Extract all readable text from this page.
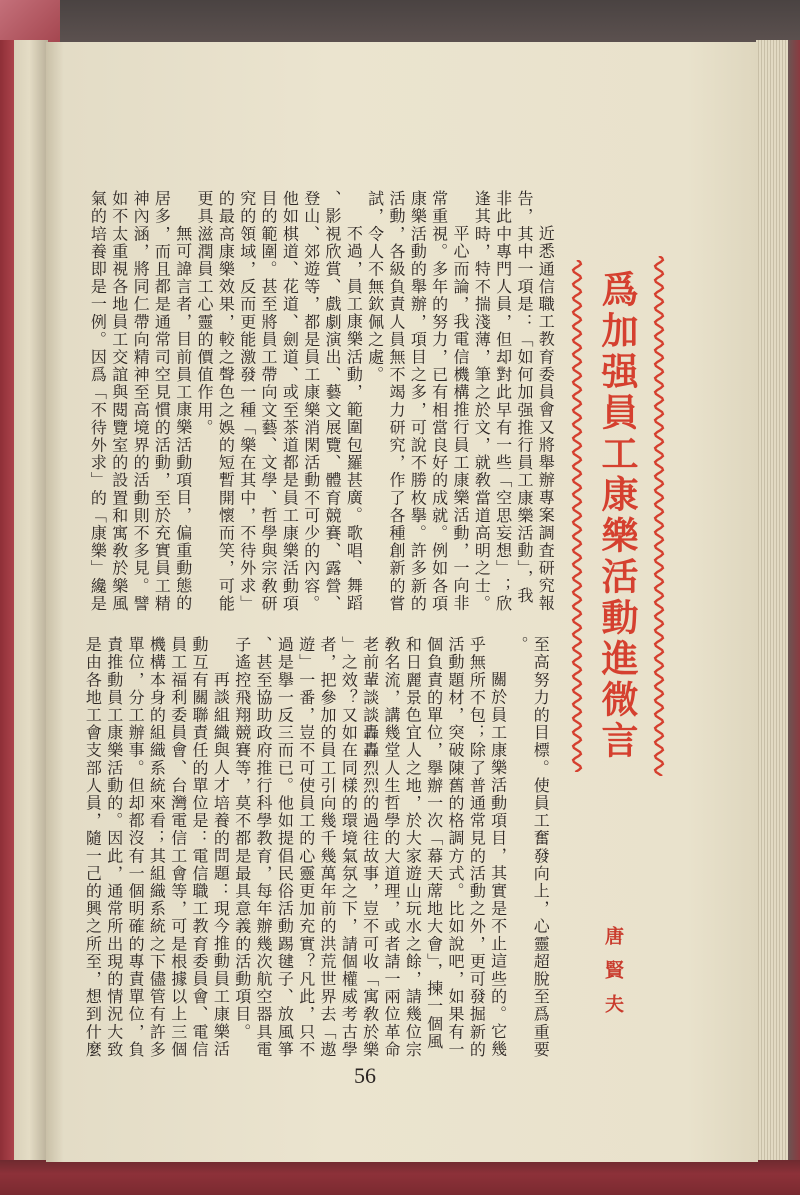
爲加强員工康樂活動進微言
唐賢夫
近悉通信職工教育委員會又將舉辦專案調査研究報
告，其中一項是：「如何加强推行員工康樂活動」，我
非此中專門人員，但却對此早有一些「空思妄想」；欣
逢其時，特不揣淺薄，筆之於文，就敎當道高明之士。
平心而論，我電信機構推行員工康樂活動，一向非
常重視。多年的努力，已有相當良好的成就。例如各項
康樂活動的舉辦，項目之多，可說不勝枚擧。許多新的
活動，各級負責人員無不竭力研究，作了各種創新的嘗
試，令人不無欽佩之處。
不過，員工康樂活動，範圍包羅甚廣。歌唱、舞蹈
、影視欣賞、戲劇演出、藝文展覽、體育競賽、露營、
登山、郊遊等，都是員工康樂消閑活動不可少的內容。
他如棋道、花道、劍道、或至茶道都是員工康樂活動項
目的範圍。甚至將員工帶向文藝、文學、哲學與宗敎研
究的領域，反而更能激發一種「樂在其中，不待外求」
的最高康樂效果，較之聲色之娛的短暫開懷而笑，可能
更具滋潤員工心靈的價值作用。
無可諱言者，目前員工康樂活動項目，偏重動態的
居多，而且都是通常司空見慣的活動，至於充實員工精
神內涵，將同仁帶向精神至高境界的活動則不多見。譬
如不太重視各地員工交誼與閱覽室的設置和寓敎於樂風
氣的培養即是一例。因爲「不待外求」的「康樂」纔是
至高努力的目標。使員工奮發向上，心靈超脫至爲重要
。
關於員工康樂活動項目，其實是不止這些的。它幾
乎無所不包；除了普通常見的活動之外，更可發掘新的
活動題材，突破陳舊的格調方式。比如說吧，如果有一
個負責的單位，擧辦一次「幕天蓆地大會」，揀一個風
和日麗景色宜人之地，於大家遊山玩水之餘，請幾位宗
敎名流，講幾堂人生哲學的大道理，或者請一兩位革命
老前輩談談轟轟烈烈的過往故事，豈不可收「寓敎於樂
」之效？又如在同樣的環境氣氛之下，請個權威考古學
者，把參加的員工引向幾千幾萬年前的洪荒世界去「遨
遊」一番，豈不可使員工的心靈更加充實？凡此，只不
過是擧一反三而已。他如提倡民俗活動踢毽子、放風箏
、甚至協助政府推行科學教育，每年辦幾次航空器具電
子遙控飛翔競賽等，莫不都是最具意義的活動項目。
再談組織與人才培養的問題：現今推動員工康樂活
動互有關聯責任的單位是：電信職工教育委員會、電信
員工福利委員會、台灣電信工會等，可是根據以上三個
機構本身的組織系統來看；其組織系統之下儘管有許多
單位，分工辦事。但却都沒有一個明確的專責單位，負
責推動員工康樂活動的。因此，通常所出現的情況大致
是由各地工會支部人員，隨一己的興之所至，想到什麼
56
